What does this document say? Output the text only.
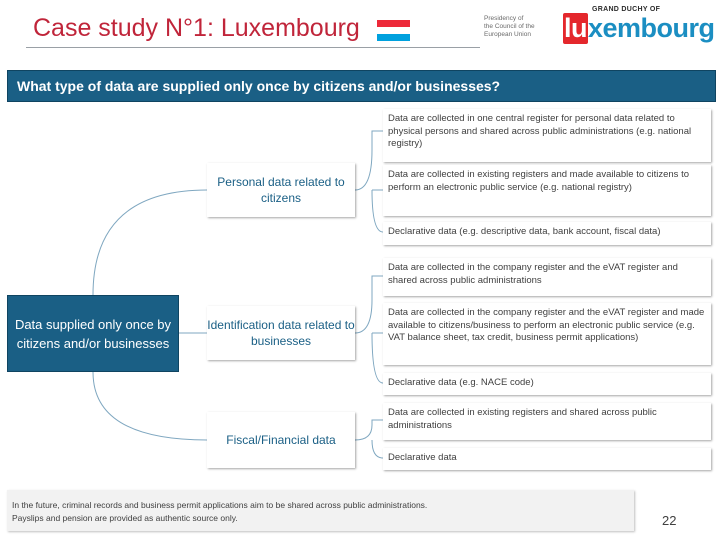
Case study N°1: Luxembourg	Presidency of
the Council of the
European Union
GRAND DUCHY OF
luxembourg
What type of data are supplied only once by citizens and/or businesses?
Data supplied only once by citizens and/or businesses
Personal data related to citizens
Identification data related to businesses
Fiscal/Financial data
Data are collected in one central register for personal data related to physical persons and shared across public administrations (e.g. national registry)
Data are collected in existing registers and made available to citizens to perform an electronic public service (e.g. national registry)
Declarative data (e.g. descriptive data, bank account, fiscal data)
Data are collected in the company register and the eVAT register and shared across public administrations
Data are collected in the company register and the eVAT register and made available to citizens/business to perform an electronic public service (e.g. VAT balance sheet, tax credit, business permit applications)
Declarative data (e.g. NACE code)
Data are collected in existing registers and shared across public administrations
Declarative data
In the future, criminal records and business permit applications aim to be shared across public administrations.
Payslips and pension are provided as authentic source only.	22
